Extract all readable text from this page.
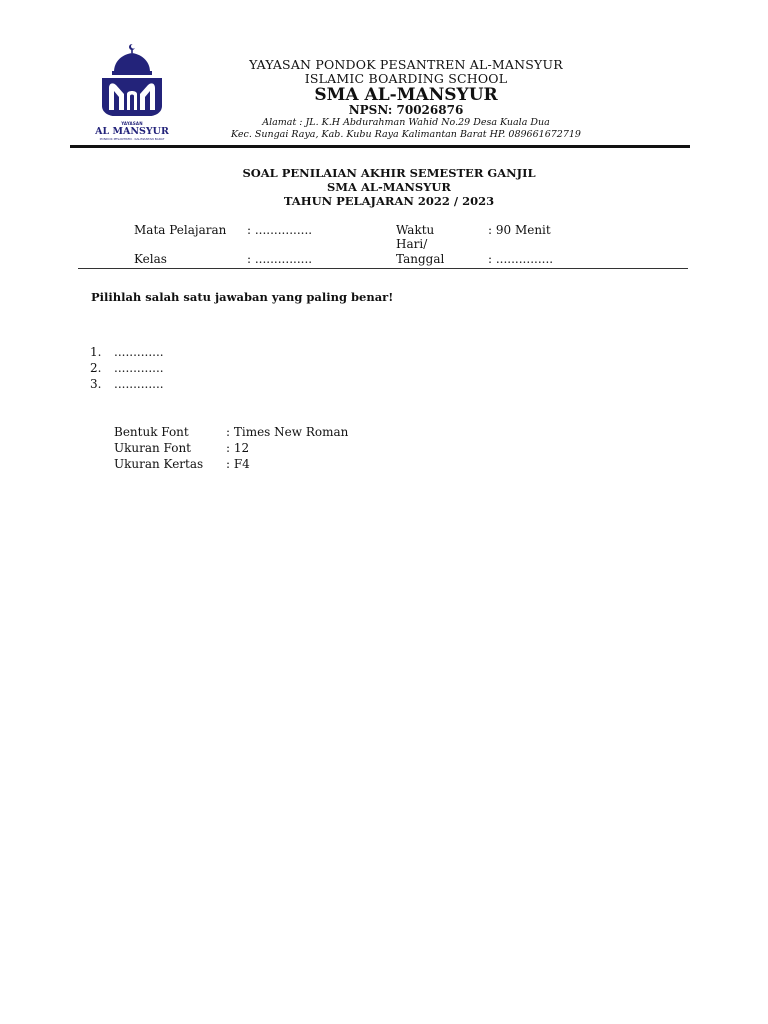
YAYASAN
AL MANSYUR
PONDOK PESANTREN · KALIMANTAN BARAT
YAYASAN PONDOK PESANTREN AL-MANSYUR
ISLAMIC BOARDING SCHOOL
SMA AL-MANSYUR
NPSN: 70026876
Alamat : JL. K.H Abdurahman Wahid No.29 Desa Kuala Dua
Kec. Sungai Raya, Kab. Kubu Raya Kalimantan Barat HP. 089661672719
SOAL PENILAIAN AKHIR SEMESTER GANJIL
SMA AL-MANSYUR
TAHUN PELAJARAN 2022 / 2023
Mata Pelajaran : ...............	Waktu	: 90 Menit
Hari/
Kelas	: ...............	Tanggal	: ...............
Pilihlah salah satu jawaban yang paling benar!
1. .............
2. .............
3. .............
Bentuk Font	: Times New Roman
Ukuran Font	: 12
Ukuran Kertas : F4
